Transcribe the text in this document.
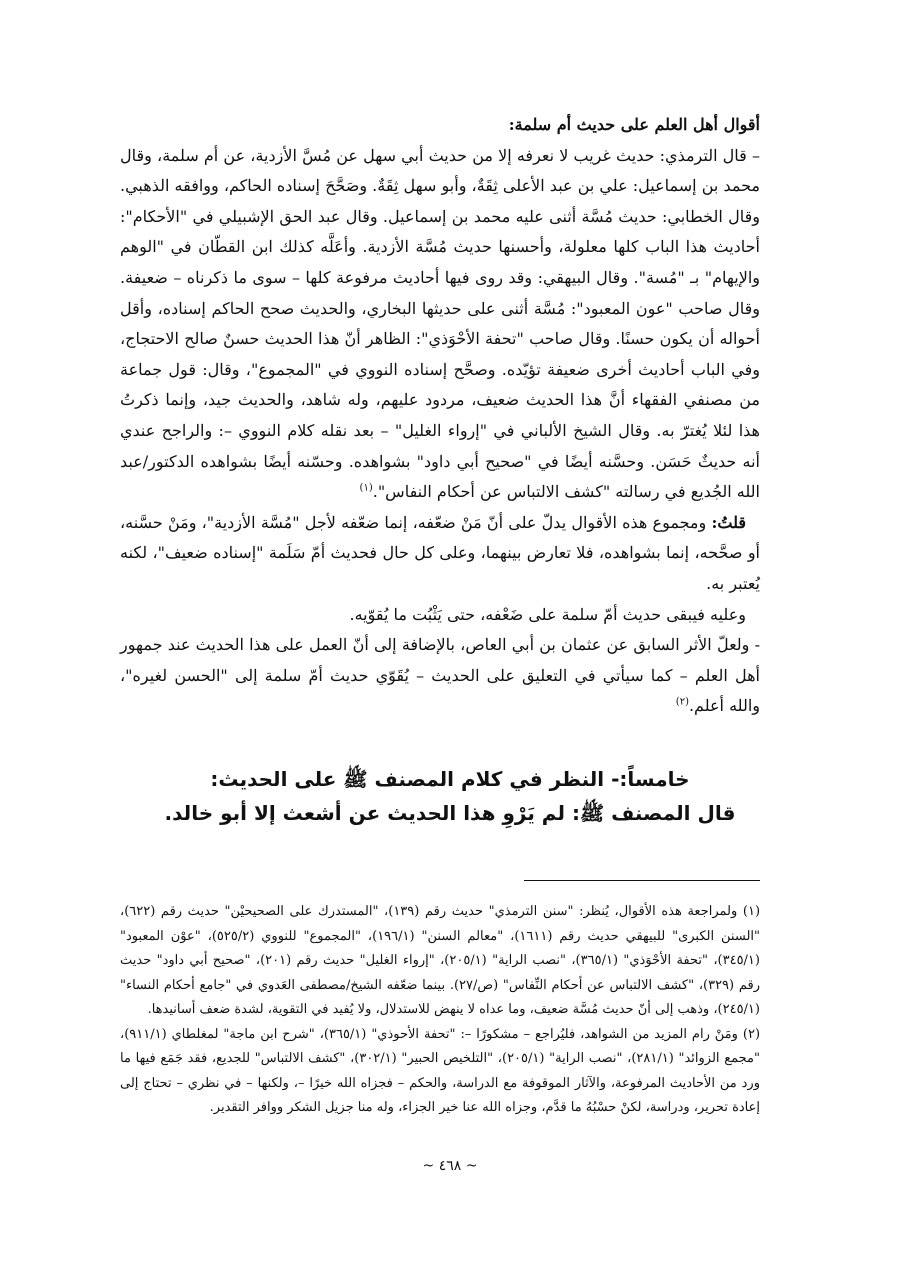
أقوال أهل العلم على حديث أم سلمة:

– قال الترمذي: حديث غريب لا نعرفه إلا من حديث أبي سهل عن مُسَّ الأزدية، عن أم سلمة، وقال محمد بن إسماعيل: علي بن عبد الأعلى ثِقَةٌ، وأبو سهل ثِقَةٌ. وصَحَّحَ إسناده الحاكم، ووافقه الذهبي. وقال الخطابي: حديث مُسَّة أثنى عليه محمد بن إسماعيل. وقال عبد الحق الإشبيلي في "الأحكام": أحاديث هذا الباب كلها معلولة، وأحسنها حديث مُسَّة الأزدية. وأعَلَّه كذلك ابن القطّان في "الوهم والإيهام" بـ "مُسة". وقال البيهقي: وقد روى فيها أحاديث مرفوعة كلها – سوى ما ذكرناه – ضعيفة. وقال صاحب "عون المعبود": مُسَّة أثنى على حديثها البخاري، والحديث صحح الحاكم إسناده، وأقل أحواله أن يكون حسنًا. وقال صاحب "تحفة الأحْوَذي": الظاهر أنّ هذا الحديث حسنٌ صالح الاحتجاج، وفي الباب أحاديث أخرى ضعيفة تؤيّده. وصحَّح إسناده النووي في "المجموع"، وقال: قول جماعة من مصنفي الفقهاء أنَّ هذا الحديث ضعيف، مردود عليهم، وله شاهد، والحديث جيد، وإنما ذكرتُ هذا لئلا يُغترّ به. وقال الشيخ الألباني في "إرواء الغليل" – بعد نقله كلام النووي –: والراجح عندي أنه حديثٌ حَسَن. وحسَّنه أيضًا في "صحيح أبي داود" بشواهده. وحسّنه أيضًا بشواهده الدكتور/عبد الله الجُديع في رسالته "كشف الالتباس عن أحكام النفاس".$^{(١)}$

قلتُ: ومجموع هذه الأقوال يدلّ على أنّ مَنْ ضعّفه، إنما ضعّفه لأجل "مُسَّة الأزدية"، ومَنْ حسَّنه، أو صحَّحه، إنما بشواهده، فلا تعارض بينهما، وعلى كل حال فحديث أمّ سَلَمة "إسناده ضعيف"، لكنه يُعتبر به.

وعليه فيبقى حديث أمّ سلمة على ضَعْفه، حتى يَثْبُت ما يُقوّيه.

- ولعلّ الأثر السابق عن عثمان بن أبي العاص، بالإضافة إلى أنّ العمل على هذا الحديث عند جمهور أهل العلم – كما سيأتي في التعليق على الحديث – يُقَوّي حديث أمّ سلمة إلى "الحسن لغيره"، والله أعلم.$^{(٢)}$

خامساً:- النظر في كلام المصنف ﷺ على الحديث:

قال المصنف ﷺ: لم يَرْوِ هذا الحديث عن أشعث إلا أبو خالد.

(١) ولمراجعة هذه الأقوال، يُنظر: "سنن الترمذي" حديث رقم (١٣٩)، "المستدرك على الصحيحيْن" حديث رقم (٦٢٢)، "السنن الكبرى" للبيهقي حديث رقم (١٦١١)، "معالم السنن" (١٩٦/١)، "المجموع" للنووي (٥٢٥/٢)، "عوْن المعبود" (٣٤٥/١)، "تحفة الأحْوَذي" (٣٦٥/١)، "نصب الراية" (٢٠٥/١)، "إرواء الغليل" حديث رقم (٢٠١)، "صحيح أبي داود" حديث رقم (٣٢٩)، "كشف الالتباس عن أحكام النِّفاس" (ص/٢٧). بينما ضعّفه الشيخ/مصطفى العَدوي في "جامع أحكام النساء" (٢٤٥/١)، وذهب إلى أنّ حديث مُسَّة ضعيف، وما عداه لا ينهض للاستدلال، ولا يُفيد في التقوية، لشدة ضعف أسانيدها.

(٢) ومَنْ رام المزيد من الشواهد، فليُراجع – مشكورًا –: "تحفة الأحوذي" (٣٦٥/١)، "شرح ابن ماجة" لمغلطاي (٩١١/١)، "مجمع الزوائد" (٢٨١/١)، "نصب الراية" (٢٠٥/١)، "التلخيص الحبير" (٣٠٢/١)، "كشف الالتباس" للجديع، فقد جَمَع فيها ما ورد من الأحاديث المرفوعة، والآثار الموقوفة مع الدراسة، والحكم – فجزاه الله خيرًا –، ولكنها – في نظري – تحتاج إلى إعادة تحرير، ودراسة، لكنْ حسْبُهُ ما قدَّم، وجزاه الله عنا خير الجزاء، وله منا جزيل الشكر ووافر التقدير.

~ ٤٦٨ ~
